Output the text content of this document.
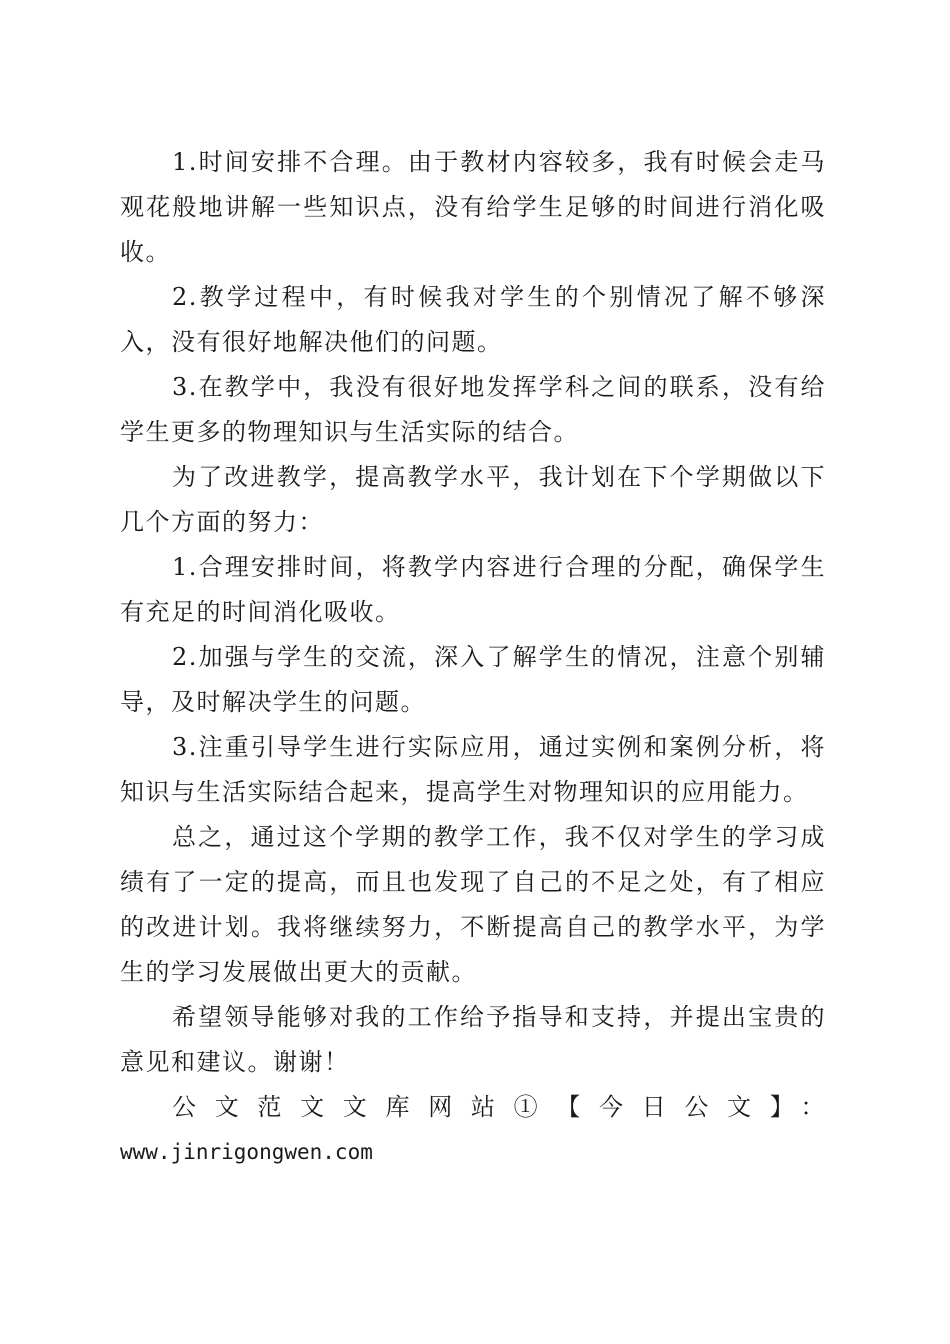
1.时间安排不合理。由于教材内容较多，我有时候会走马观花般地讲解一些知识点，没有给学生足够的时间进行消化吸收。

2.教学过程中，有时候我对学生的个别情况了解不够深入，没有很好地解决他们的问题。

3.在教学中，我没有很好地发挥学科之间的联系，没有给学生更多的物理知识与生活实际的结合。

为了改进教学，提高教学水平，我计划在下个学期做以下几个方面的努力：

1.合理安排时间，将教学内容进行合理的分配，确保学生有充足的时间消化吸收。

2.加强与学生的交流，深入了解学生的情况，注意个别辅导，及时解决学生的问题。

3.注重引导学生进行实际应用，通过实例和案例分析，将知识与生活实际结合起来，提高学生对物理知识的应用能力。

总之，通过这个学期的教学工作，我不仅对学生的学习成绩有了一定的提高，而且也发现了自己的不足之处，有了相应的改进计划。我将继续努力，不断提高自己的教学水平，为学生的学习发展做出更大的贡献。

希望领导能够对我的工作给予指导和支持，并提出宝贵的意见和建议。谢谢！

公文范文文库网站①【今日公文】：

www.jinrigongwen.com
